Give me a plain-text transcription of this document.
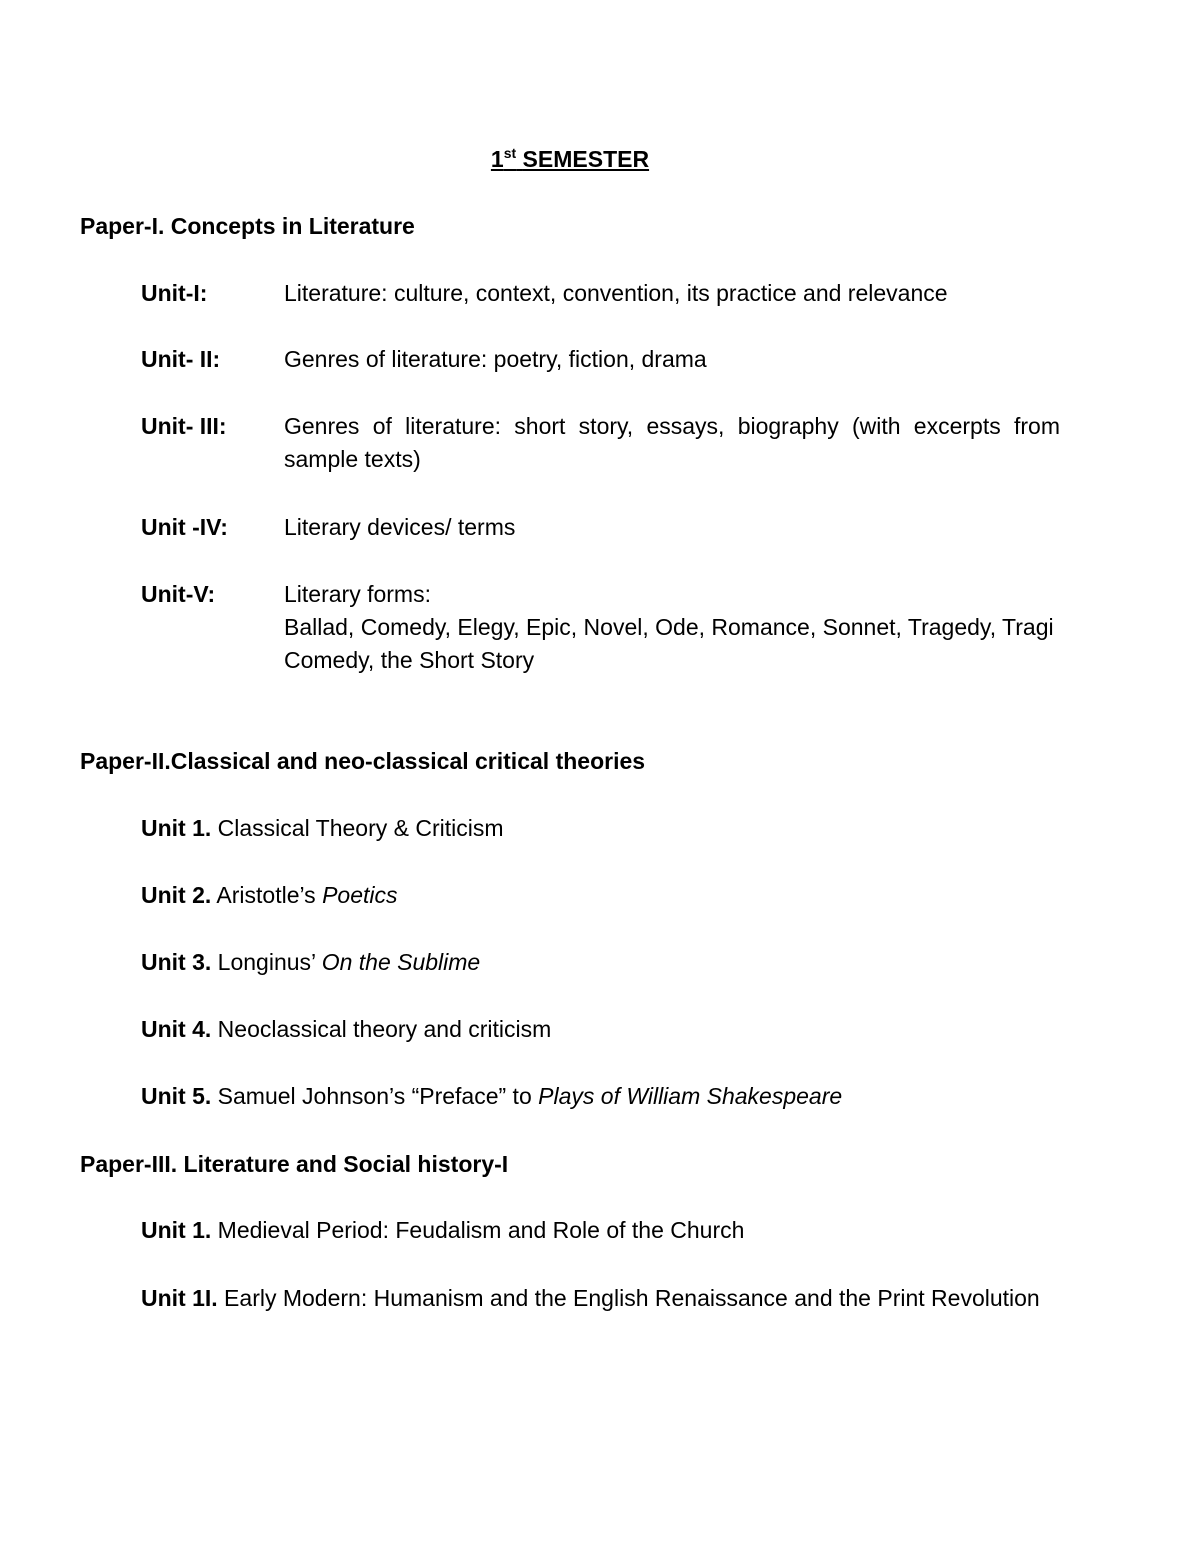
1st SEMESTER
Paper-I. Concepts in Literature
Unit-I:	Literature: culture, context, convention, its practice and relevance
Unit- II:	Genres of literature: poetry, fiction, drama
Unit- III: Genres of literature: short story, essays, biography (with excerpts from sample texts)
Unit -IV: Literary devices/ terms
Unit-V:	Literary forms:
Ballad, Comedy, Elegy, Epic, Novel, Ode, Romance, Sonnet, Tragedy, Tragi
Comedy, the Short Story
Paper-II.Classical and neo-classical critical theories
Unit 1. Classical Theory & Criticism
Unit 2. Aristotle’s Poetics
Unit 3. Longinus’ On the Sublime
Unit 4. Neoclassical theory and criticism
Unit 5. Samuel Johnson’s “Preface” to Plays of William Shakespeare
Paper-III. Literature and Social history-I
Unit 1. Medieval Period: Feudalism and Role of the Church
Unit 1I. Early Modern: Humanism and the English Renaissance and the Print Revolution
